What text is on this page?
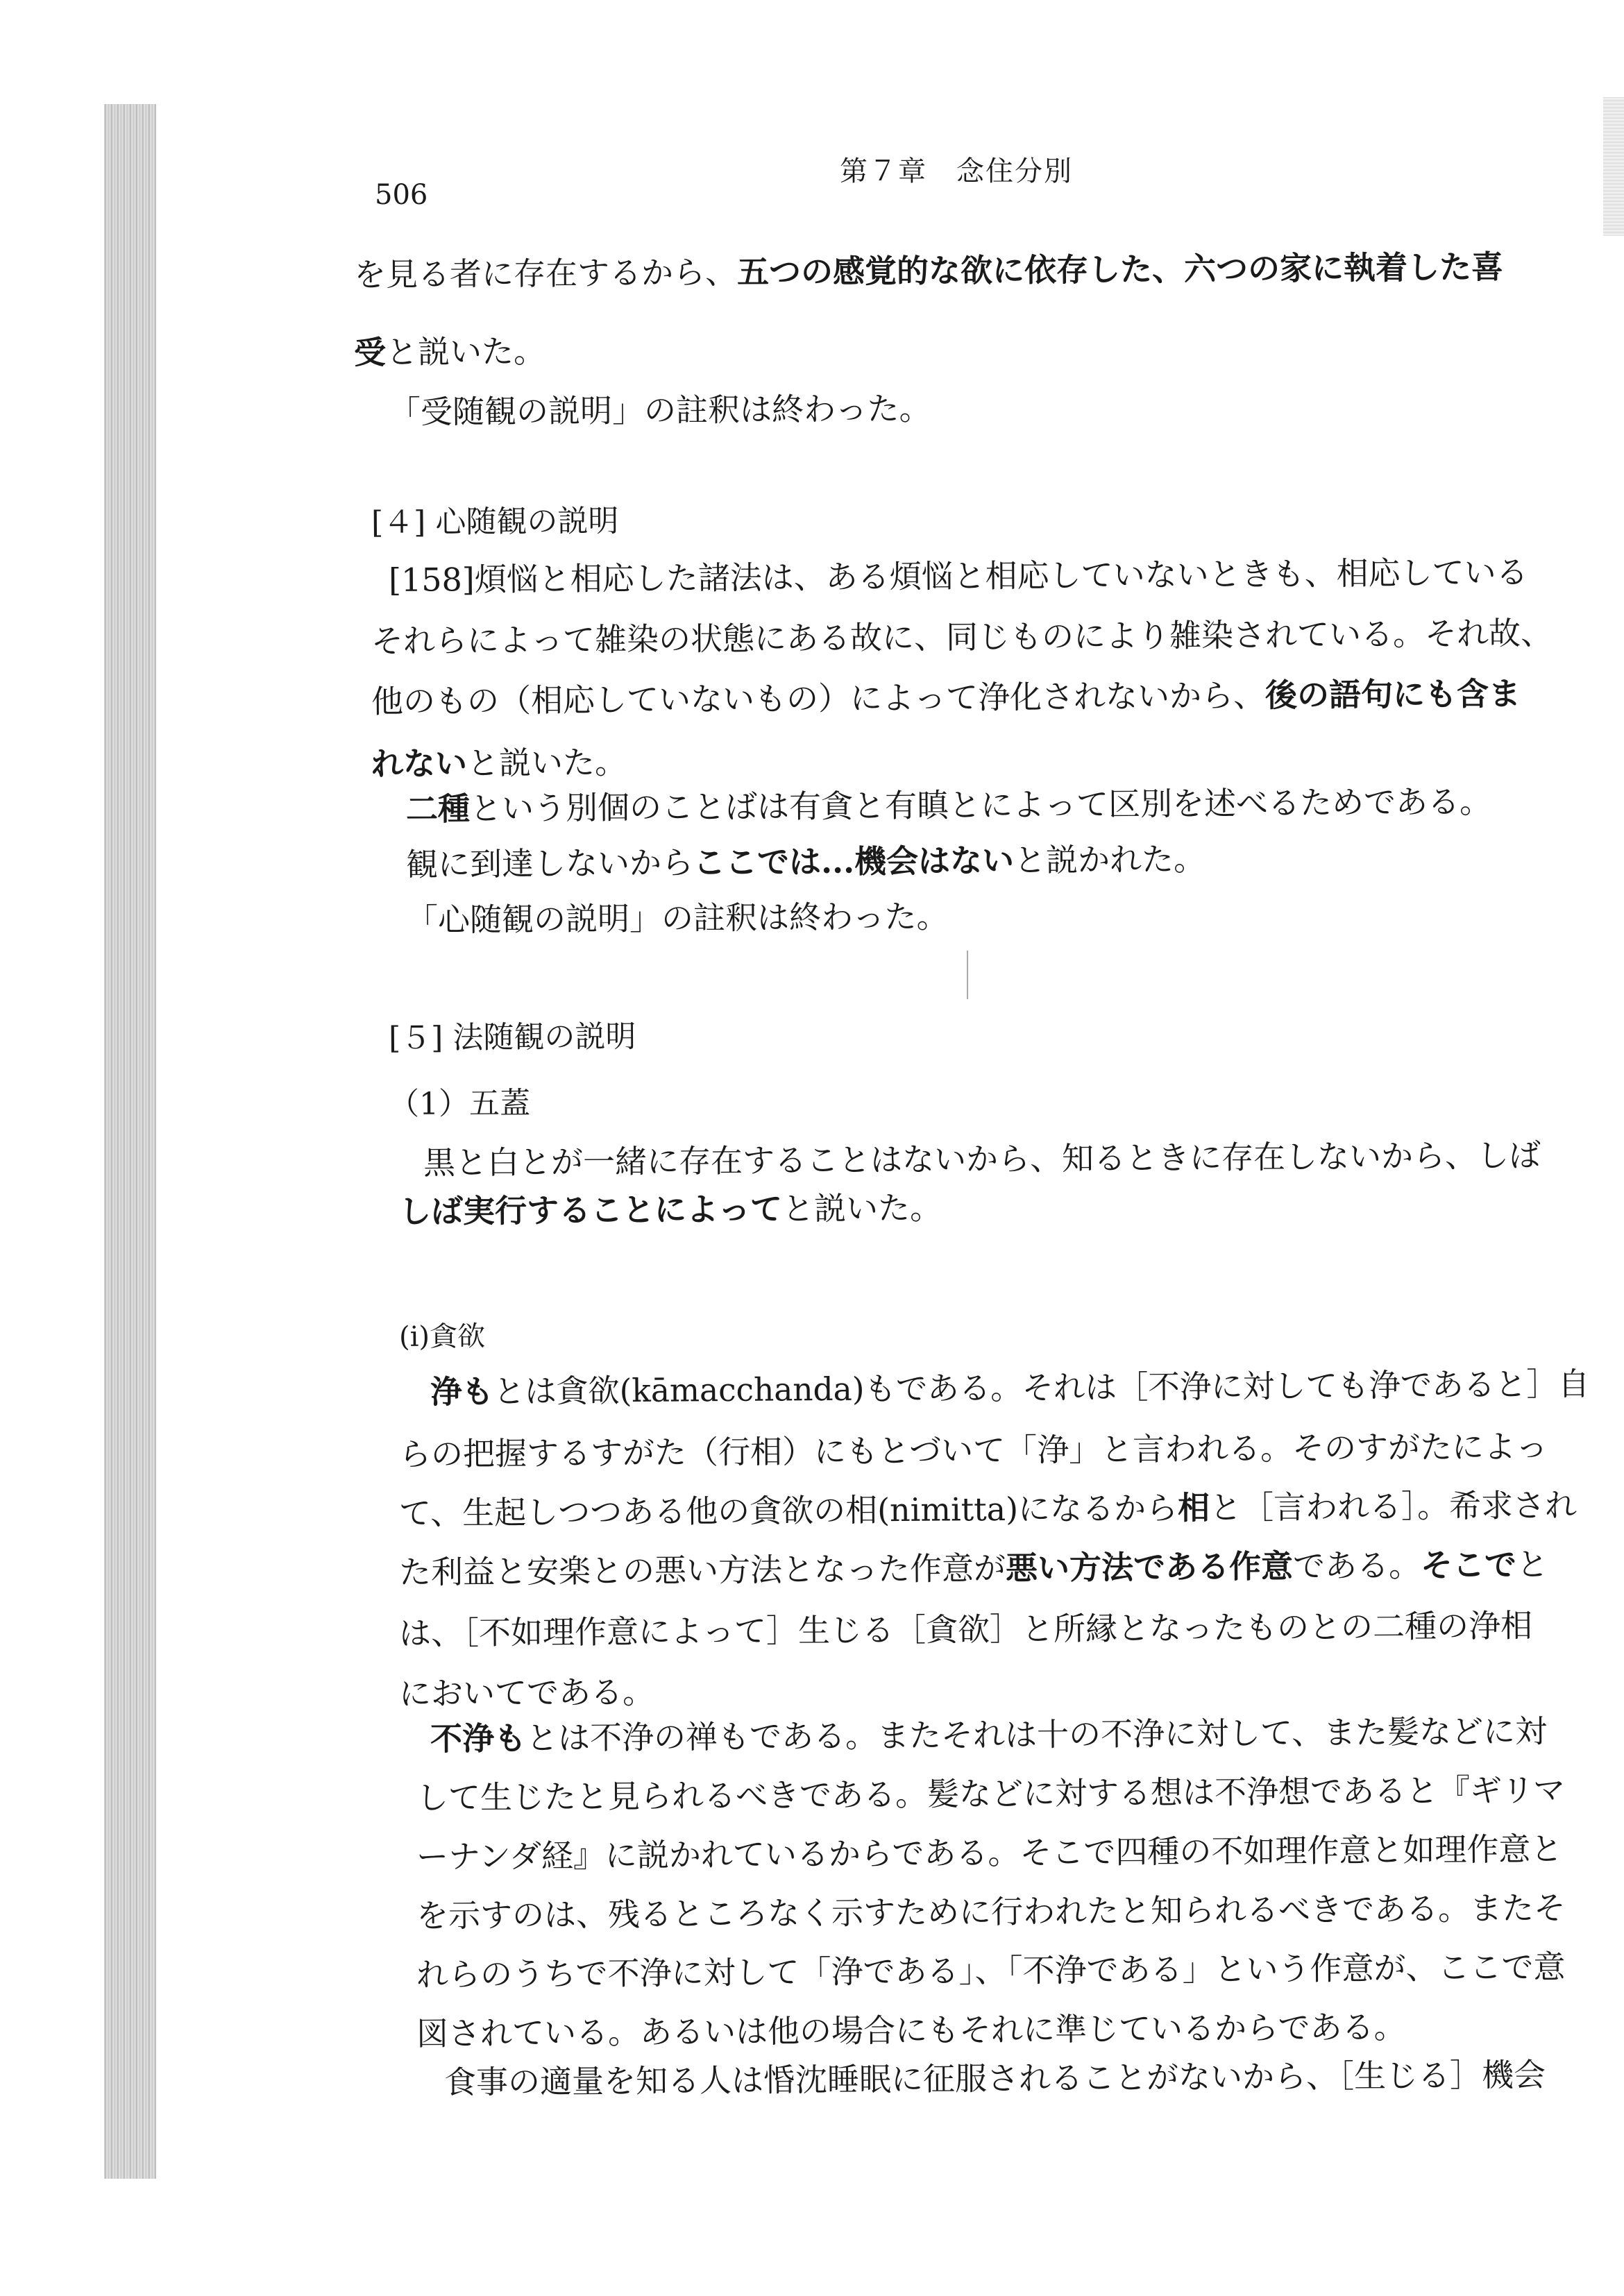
第７章　念住分別
506
を見る者に存在するから、五つの感覚的な欲に依存した、六つの家に執着した喜
受と説いた。
「受随観の説明」の註釈は終わった。
[４] 心随観の説明
[158]煩悩と相応した諸法は、ある煩悩と相応していないときも、相応している
それらによって雑染の状態にある故に、同じものにより雑染されている。それ故、
他のもの（相応していないもの）によって浄化されないから、後の語句にも含ま
れないと説いた。
二種という別個のことばは有貪と有瞋とによって区別を述べるためである。
観に到達しないからここでは...機会はないと説かれた。
「心随観の説明」の註釈は終わった。
[５] 法随観の説明
（1）五蓋
黒と白とが一緒に存在することはないから、知るときに存在しないから、しば
しば実行することによってと説いた。
(i)貪欲
浄もとは貪欲(kāmacchanda)もである。それは［不浄に対しても浄であると］自
らの把握するすがた（行相）にもとづいて「浄」と言われる。そのすがたによっ
て、生起しつつある他の貪欲の相(nimitta)になるから相と［言われる］。希求され
た利益と安楽との悪い方法となった作意が悪い方法である作意である。そこでと
は、［不如理作意によって］生じる［貪欲］と所縁となったものとの二種の浄相
においてである。
不浄もとは不浄の禅もである。またそれは十の不浄に対して、また髪などに対
して生じたと見られるべきである。髪などに対する想は不浄想であると『ギリマ
ーナンダ経』に説かれているからである。そこで四種の不如理作意と如理作意と
を示すのは、残るところなく示すために行われたと知られるべきである。またそ
れらのうちで不浄に対して「浄である」、「不浄である」という作意が、ここで意
図されている。あるいは他の場合にもそれに準じているからである。
食事の適量を知る人は惛沈睡眠に征服されることがないから、［生じる］機会
